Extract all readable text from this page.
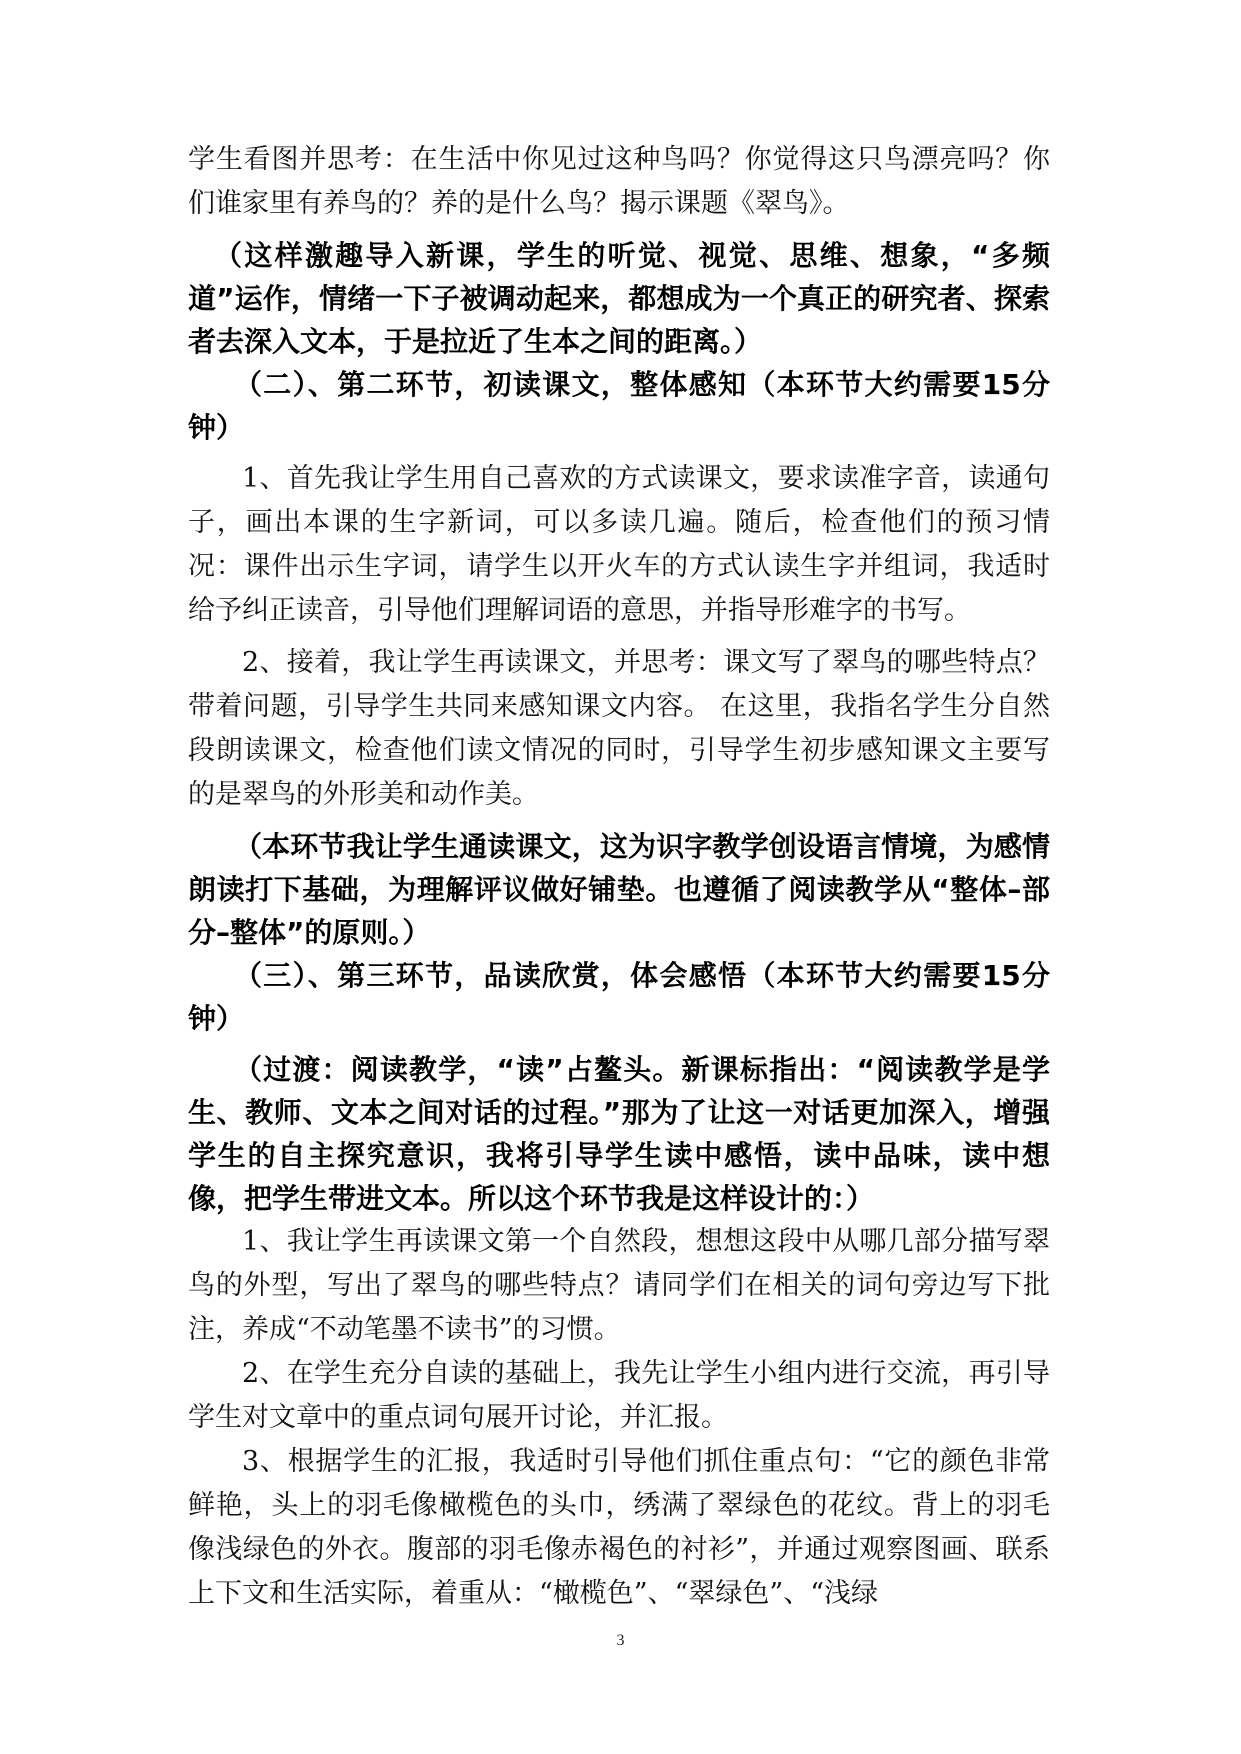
学生看图并思考：在生活中你见过这种鸟吗？你觉得这只鸟漂亮吗？你们谁家里有养鸟的？养的是什么鸟？揭示课题《翠鸟》。

（这样激趣导入新课，学生的听觉、视觉、思维、想象，“多频道”运作，情绪一下子被调动起来，都想成为一个真正的研究者、探索者去深入文本，于是拉近了生本之间的距离。）

（二）、第二环节，初读课文，整体感知（本环节大约需要15分钟）

1、首先我让学生用自己喜欢的方式读课文，要求读准字音，读通句子，画出本课的生字新词，可以多读几遍。随后，检查他们的预习情况：课件出示生字词，请学生以开火车的方式认读生字并组词，我适时给予纠正读音，引导他们理解词语的意思，并指导形难字的书写。

2、接着，我让学生再读课文，并思考：课文写了翠鸟的哪些特点？带着问题，引导学生共同来感知课文内容。 在这里，我指名学生分自然段朗读课文，检查他们读文情况的同时，引导学生初步感知课文主要写的是翠鸟的外形美和动作美。

（本环节我让学生通读课文，这为识字教学创设语言情境，为感情朗读打下基础，为理解评议做好铺垫。也遵循了阅读教学从“整体–部分–整体”的原则。）

（三）、第三环节，品读欣赏，体会感悟（本环节大约需要15分钟）

（过渡：阅读教学，“读”占鳌头。新课标指出：“阅读教学是学生、教师、文本之间对话的过程。”那为了让这一对话更加深入，增强学生的自主探究意识，我将引导学生读中感悟，读中品味，读中想像，把学生带进文本。所以这个环节我是这样设计的：）

1、我让学生再读课文第一个自然段，想想这段中从哪几部分描写翠鸟的外型，写出了翠鸟的哪些特点？请同学们在相关的词句旁边写下批注，养成“不动笔墨不读书”的习惯。

2、在学生充分自读的基础上，我先让学生小组内进行交流，再引导学生对文章中的重点词句展开讨论，并汇报。

3、根据学生的汇报，我适时引导他们抓住重点句：“它的颜色非常鲜艳，头上的羽毛像橄榄色的头巾，绣满了翠绿色的花纹。背上的羽毛像浅绿色的外衣。腹部的羽毛像赤褐色的衬衫”，并通过观察图画、联系上下文和生活实际，着重从：“橄榄色”、“翠绿色”、“浅绿

3
